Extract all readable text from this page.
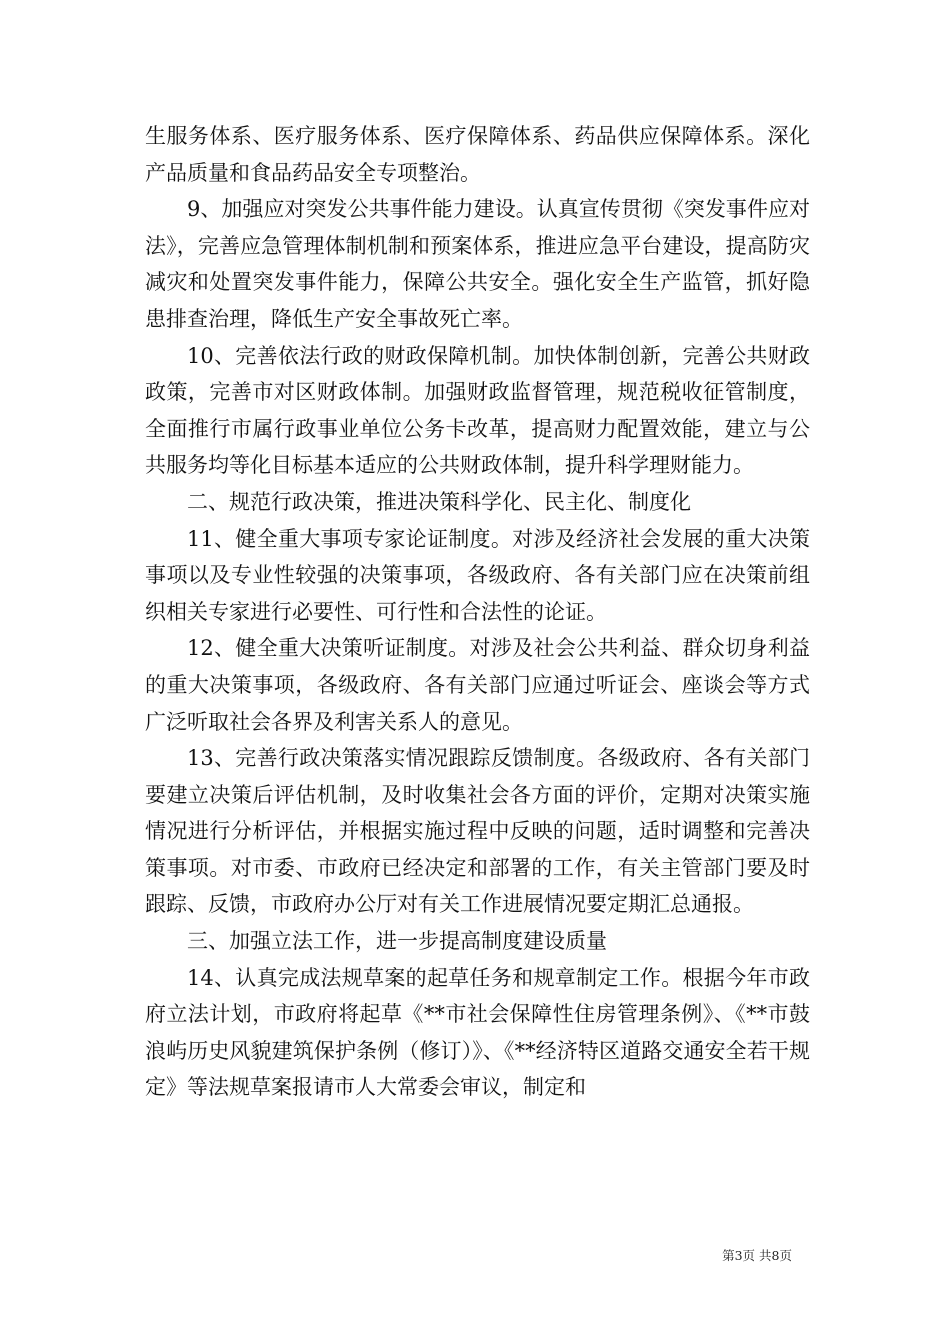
生服务体系、医疗服务体系、医疗保障体系、药品供应保障体系。深化产品质量和食品药品安全专项整治。

9、加强应对突发公共事件能力建设。认真宣传贯彻《突发事件应对法》，完善应急管理体制机制和预案体系，推进应急平台建设，提高防灾减灾和处置突发事件能力，保障公共安全。强化安全生产监管，抓好隐患排查治理，降低生产安全事故死亡率。

10、完善依法行政的财政保障机制。加快体制创新，完善公共财政政策，完善市对区财政体制。加强财政监督管理，规范税收征管制度，全面推行市属行政事业单位公务卡改革，提高财力配置效能，建立与公共服务均等化目标基本适应的公共财政体制，提升科学理财能力。

二、规范行政决策，推进决策科学化、民主化、制度化

11、健全重大事项专家论证制度。对涉及经济社会发展的重大决策事项以及专业性较强的决策事项，各级政府、各有关部门应在决策前组织相关专家进行必要性、可行性和合法性的论证。

12、健全重大决策听证制度。对涉及社会公共利益、群众切身利益的重大决策事项，各级政府、各有关部门应通过听证会、座谈会等方式广泛听取社会各界及利害关系人的意见。

13、完善行政决策落实情况跟踪反馈制度。各级政府、各有关部门要建立决策后评估机制，及时收集社会各方面的评价，定期对决策实施情况进行分析评估，并根据实施过程中反映的问题，适时调整和完善决策事项。对市委、市政府已经决定和部署的工作，有关主管部门要及时跟踪、反馈，市政府办公厅对有关工作进展情况要定期汇总通报。

三、加强立法工作，进一步提高制度建设质量

14、认真完成法规草案的起草任务和规章制定工作。根据今年市政府立法计划，市政府将起草《**市社会保障性住房管理条例》、《**市鼓浪屿历史风貌建筑保护条例（修订）》、《**经济特区道路交通安全若干规定》等法规草案报请市人大常委会审议，制定和

第3页 共8页
